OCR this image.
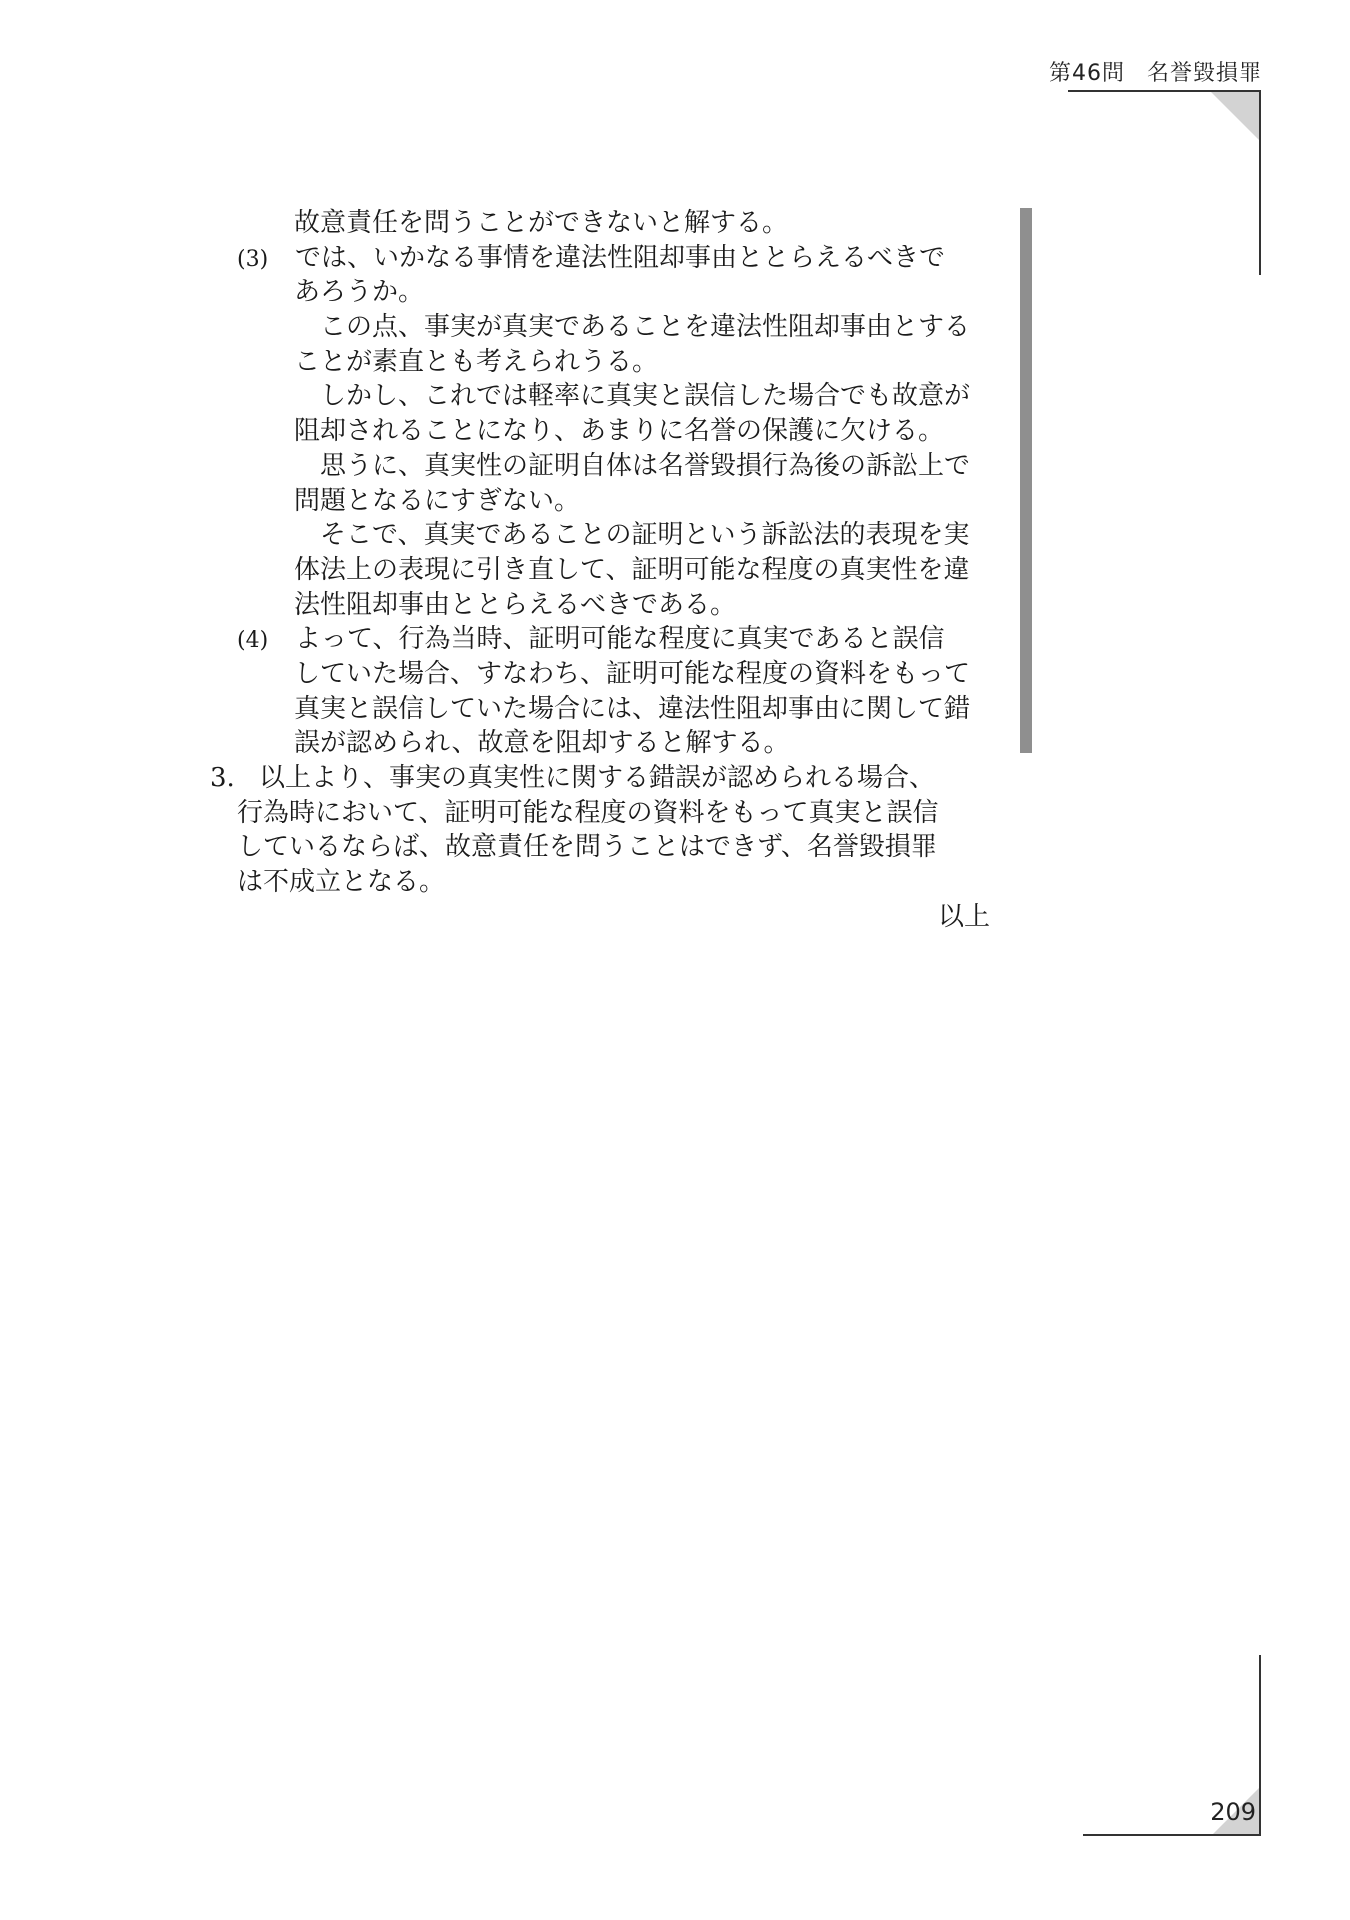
第46問 名誉毀損罪
故意責任を問うことができないと解する。
(3) では、いかなる事情を違法性阻却事由ととらえるべきで
あろうか。
この点、事実が真実であることを違法性阻却事由とする
ことが素直とも考えられうる。
しかし、これでは軽率に真実と誤信した場合でも故意が
阻却されることになり、あまりに名誉の保護に欠ける。
思うに、真実性の証明自体は名誉毀損行為後の訴訟上で
問題となるにすぎない。
そこで、真実であることの証明という訴訟法的表現を実
体法上の表現に引き直して、証明可能な程度の真実性を違
法性阻却事由ととらえるべきである。
(4) よって、行為当時、証明可能な程度に真実であると誤信
していた場合、すなわち、証明可能な程度の資料をもって
真実と誤信していた場合には、違法性阻却事由に関して錯
誤が認められ、故意を阻却すると解する。
3. 以上より、事実の真実性に関する錯誤が認められる場合、
行為時において、証明可能な程度の資料をもって真実と誤信
しているならば、故意責任を問うことはできず、名誉毀損罪
は不成立となる。
以上
209
